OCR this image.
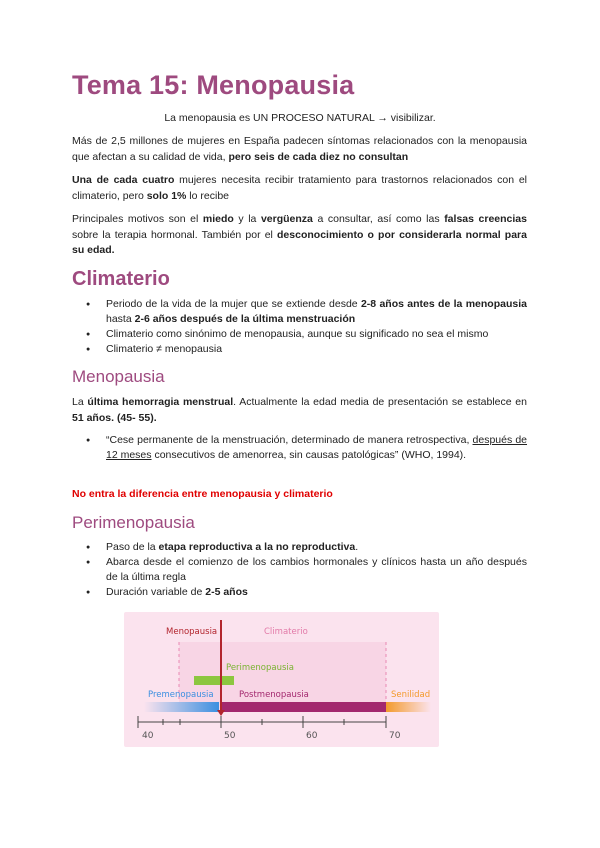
Tema 15: Menopausia
La menopausia es UN PROCESO NATURAL → visibilizar.

Más de 2,5 millones de mujeres en España padecen síntomas relacionados con la menopausia que afectan a su calidad de vida, pero seis de cada diez no consultan

Una de cada cuatro mujeres necesita recibir tratamiento para trastornos relacionados con el climaterio, pero solo 1% lo recibe

Principales motivos son el miedo y la vergüenza a consultar, así como las falsas creencias sobre la terapia hormonal. También por el desconocimiento o por considerarla normal para su edad.

Climaterio
● Periodo de la vida de la mujer que se extiende desde 2-8 años antes de la menopausia hasta 2-6 años después de la última menstruación
● Climaterio como sinónimo de menopausia, aunque su significado no sea el mismo
● Climaterio ≠ menopausia
Menopausia

La última hemorragia menstrual. Actualmente la edad media de presentación se establece en 51 años. (45- 55).

● “Cese permanente de la menstruación, determinado de manera retrospectiva, después de 12 meses consecutivos de amenorrea, sin causas patológicas” (WHO, 1994).
No entra la diferencia entre menopausia y climaterio
Perimenopausia
● Paso de la etapa reproductiva a la no reproductiva.
● Abarca desde el comienzo de los cambios hormonales y clínicos hasta un año después de la última regla
● Duración variable de 2-5 años
Menopausia	Climaterio
Perimenopausia
Premenopausia	Postmenopausia	Senilidad
40	50	60	70
